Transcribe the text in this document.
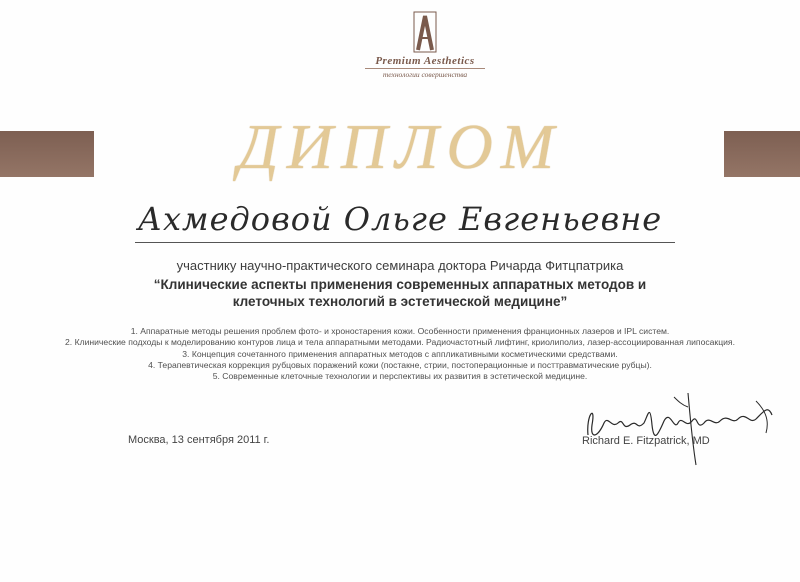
Premium Aesthetics
технологии совершенства
ДИПЛОМ
Ахмедовой Ольге Евгеньевне
участнику научно-практического семинара доктора Ричарда Фитцпатрика
“Клинические аспекты применения современных аппаратных методов и
клеточных технологий в эстетической медицине”
1. Аппаратные методы решения проблем фото- и хроностарения кожи. Особенности применения франционных лазеров и IPL систем.
2. Клинические подходы к моделированию контуров лица и тела аппаратными методами. Радиочастотный лифтинг, криолиполиз, лазер-ассоциированная липосакция.
3. Концепция сочетанного применения аппаратных методов с аппликативными косметическими средствами.
4. Терапевтическая коррекция рубцовых поражений кожи (постакне, стрии, постоперационные и посттравматические рубцы).
5. Современные клеточные технологии и перспективы их развития в эстетической медицине.
Москва, 13 сентября 2011 г.	Richard E. Fitzpatrick, MD
